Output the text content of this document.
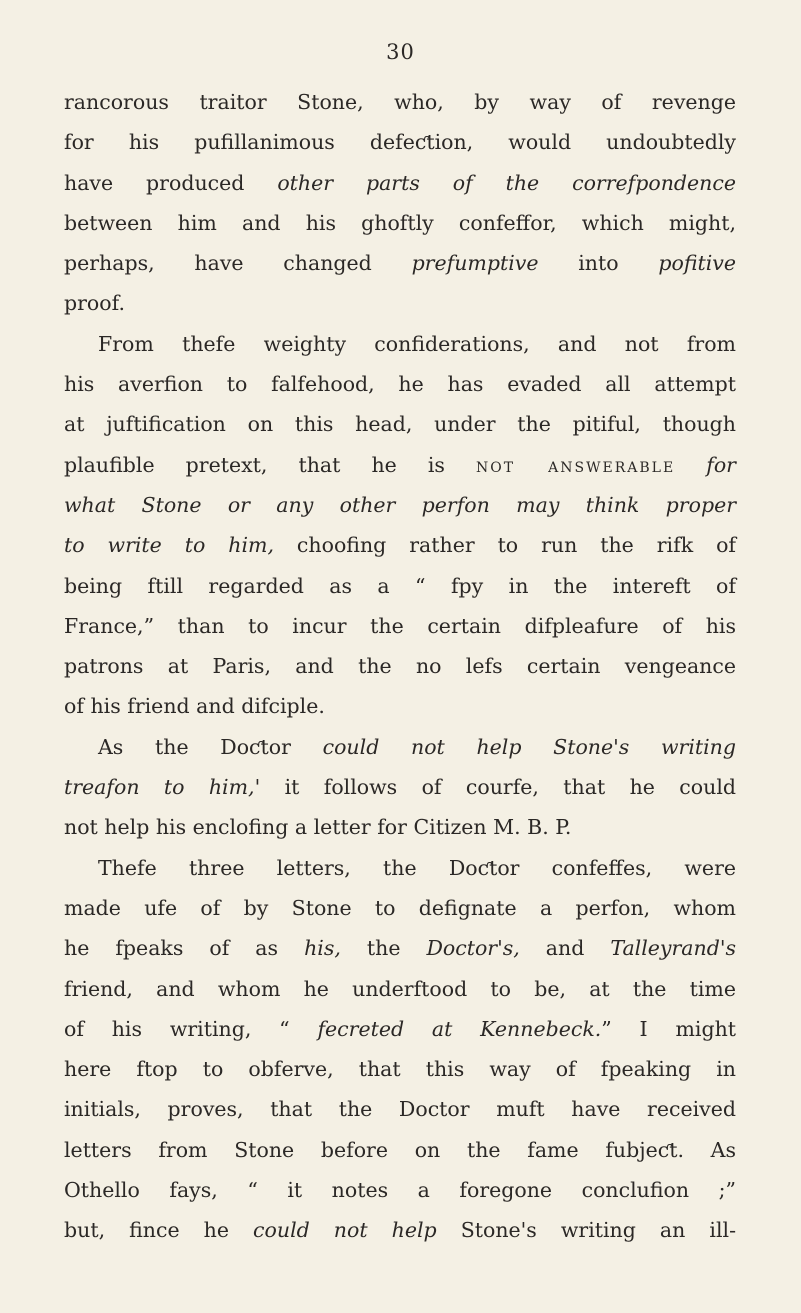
30
rancorous traitor Stone, who, by way of revenge
for his pufillanimous defeƈtion, would undoubtedly
have produced other parts of the correfpondence
between him and his ghoftly confeffor, which might,
perhaps, have changed prefumptive into pofitive
proof.
From thefe weighty confiderations, and not from
his averfion to falfehood, he has evaded all attempt
at juftification on this head, under the pitiful, though
plaufible pretext, that he is not answerable for
what Stone or any other perfon may think proper
to write to him, choofing rather to run the rifk of
being ftill regarded as a “ fpy in the intereft of
France,” than to incur the certain difpleafure of his
patrons at Paris, and the no lefs certain vengeance
of his friend and difciple.
As the Doƈtor could not help Stone's writing
treafon to him,' it follows of courfe, that he could
not help his enclofing a letter for Citizen M. B. P.
Thefe three letters, the Doƈtor confeffes, were
made ufe of by Stone to defignate a perfon, whom
he fpeaks of as his, the Doctor's, and Talleyrand's
friend, and whom he underftood to be, at the time
of his writing, “ fecreted at Kennebeck.” I might
here ftop to obferve, that this way of fpeaking in
initials, proves, that the Doctor muft have received
letters from Stone before on the fame fubjeƈt. As
Othello fays, “ it notes a foregone conclufion ;”
but, fince he could not help Stone's writing an ill-
